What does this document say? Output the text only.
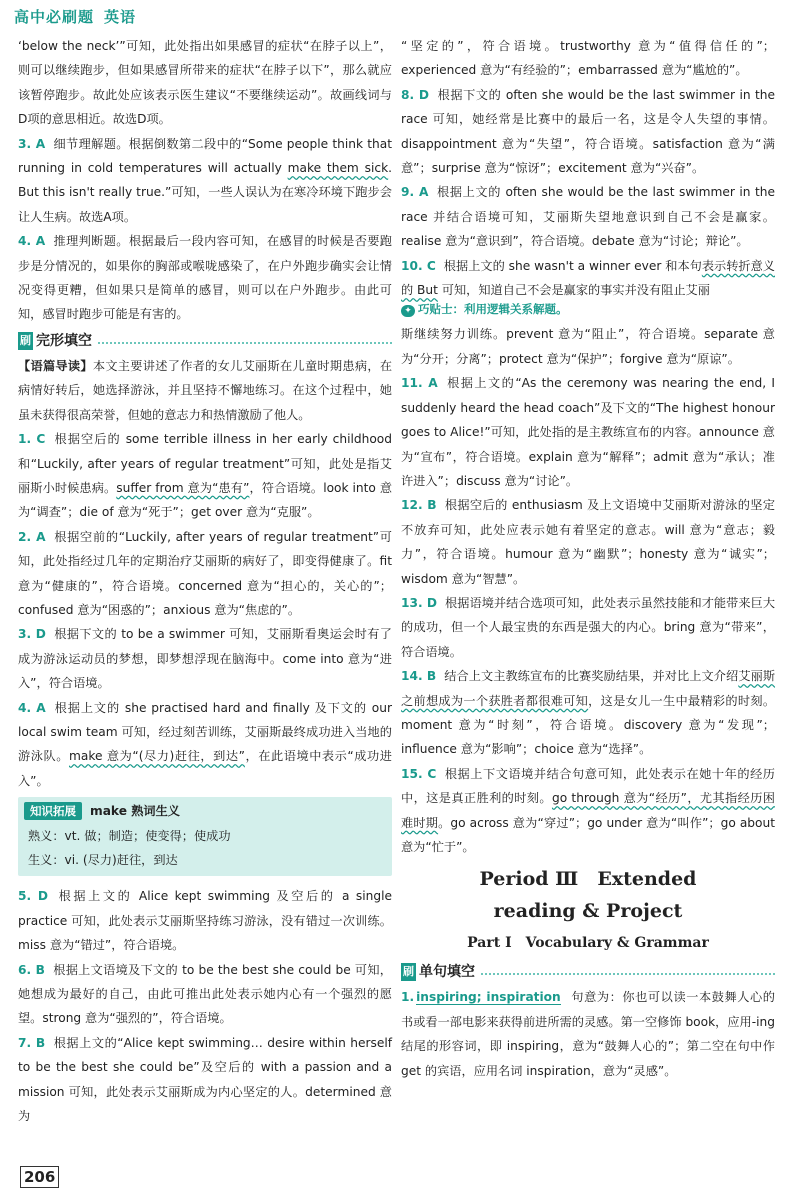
高中必刷题 英语

‘below the neck’”可知，此处指出如果感冒的症状“在脖子以上”，则可以继续跑步，但如果感冒所带来的症状“在脖子以下”，那么就应该暂停跑步。故此处应该表示医生建议“不要继续运动”。故画线词与D项的意思相近。故选D项。

3. A 细节理解题。根据倒数第二段中的“Some people think that running in cold temperatures will actually make them sick. But this isn't really true.”可知，一些人误认为在寒冷环境下跑步会让人生病。故选A项。

4. A 推理判断题。根据最后一段内容可知，在感冒的时候是否要跑步是分情况的，如果你的胸部或喉咙感染了，在户外跑步确实会让情况变得更糟，但如果只是简单的感冒，则可以在户外跑步。由此可知，感冒时跑步可能是有害的。

刷 完形填空

【语篇导读】本文主要讲述了作者的女儿艾丽斯在儿童时期患病，在病情好转后，她选择游泳，并且坚持不懈地练习。在这个过程中，她虽未获得很高荣誉，但她的意志力和热情激励了他人。

1. C 根据空后的 some terrible illness in her early childhood 和“Luckily, after years of regular treatment”可知，此处是指艾丽斯小时候患病。suffer from 意为“患有”，符合语境。look into 意为“调查”；die of 意为“死于”；get over 意为“克服”。

2. A 根据空前的“Luckily, after years of regular treatment”可知，此处指经过几年的定期治疗艾丽斯的病好了，即变得健康了。fit 意为“健康的”，符合语境。concerned 意为“担心的，关心的”；confused 意为“困惑的”；anxious 意为“焦虑的”。

3. D 根据下文的 to be a swimmer 可知，艾丽斯看奥运会时有了成为游泳运动员的梦想，即梦想浮现在脑海中。come into 意为“进入”，符合语境。

4. A 根据上文的 she practised hard and finally 及下文的 our local swim team 可知，经过刻苦训练，艾丽斯最终成功进入当地的游泳队。make 意为“(尽力)赶往，到达”，在此语境中表示“成功进入”。

知识拓展	make 熟词生义
熟义：vt. 做；制造；使变得；使成功
生义：vi. (尽力)赶往，到达

5. D 根据上文的 Alice kept swimming 及空后的 a single practice 可知，此处表示艾丽斯坚持练习游泳，没有错过一次训练。miss 意为“错过”，符合语境。

6. B 根据上文语境及下文的 to be the best she could be 可知，她想成为最好的自己，由此可推出此处表示她内心有一个强烈的愿望。strong 意为“强烈的”，符合语境。

7. B 根据上文的“Alice kept swimming… desire within herself to be the best she could be”及空后的 with a passion and a mission 可知，此处表示艾丽斯成为内心坚定的人。determined 意为

“坚定的”，符合语境。trustworthy 意为“值得信任的”；experienced 意为“有经验的”；embarrassed 意为“尴尬的”。

8. D 根据下文的 often she would be the last swimmer in the race 可知，她经常是比赛中的最后一名，这是令人失望的事情。disappointment 意为“失望”，符合语境。satisfaction 意为“满意”；surprise 意为“惊讶”；excitement 意为“兴奋”。

9. A 根据上文的 often she would be the last swimmer in the race 并结合语境可知，艾丽斯失望地意识到自己不会是赢家。realise 意为“意识到”，符合语境。debate 意为“讨论；辩论”。

10. C 根据上文的 she wasn't a winner ever 和本句表示转折意义的 But 可知，知道自己不会是赢家的事实并没有阻止艾丽

✦ 巧贴士：利用逻辑关系解题。

斯继续努力训练。prevent 意为“阻止”，符合语境。separate 意为“分开；分离”；protect 意为“保护”；forgive 意为“原谅”。

11. A 根据上文的“As the ceremony was nearing the end, I suddenly heard the head coach”及下文的“The highest honour goes to Alice!”可知，此处指的是主教练宣布的内容。announce 意为“宣布”，符合语境。explain 意为“解释”；admit 意为“承认；准许进入”；discuss 意为“讨论”。

12. B 根据空后的 enthusiasm 及上文语境中艾丽斯对游泳的坚定不放弃可知，此处应表示她有着坚定的意志。will 意为“意志；毅力”，符合语境。humour 意为“幽默”；honesty 意为“诚实”；wisdom 意为“智慧”。

13. D 根据语境并结合选项可知，此处表示虽然技能和才能带来巨大的成功，但一个人最宝贵的东西是强大的内心。bring 意为“带来”，符合语境。

14. B 结合上文主教练宣布的比赛奖励结果，并对比上文介绍艾丽斯之前想成为一个获胜者都很难可知，这是女儿一生中最精彩的时刻。moment 意为“时刻”，符合语境。discovery 意为“发现”；influence 意为“影响”；choice 意为“选择”。

15. C 根据上下文语境并结合句意可知，此处表示在她十年的经历中，这是真正胜利的时刻。go through 意为“经历”，尤其指经历困难时期。go across 意为“穿过”；go under 意为“叫作”；go about 意为“忙于”。

Period Ⅲ　Extended
reading & Project
Part Ⅰ　Vocabulary & Grammar
刷 单句填空

1. inspiring; inspiration 句意为：你也可以读一本鼓舞人心的书或看一部电影来获得前进所需的灵感。第一空修饰 book，应用-ing 结尾的形容词，即 inspiring，意为“鼓舞人心的”；第二空在句中作 get 的宾语，应用名词 inspiration，意为“灵感”。

206
